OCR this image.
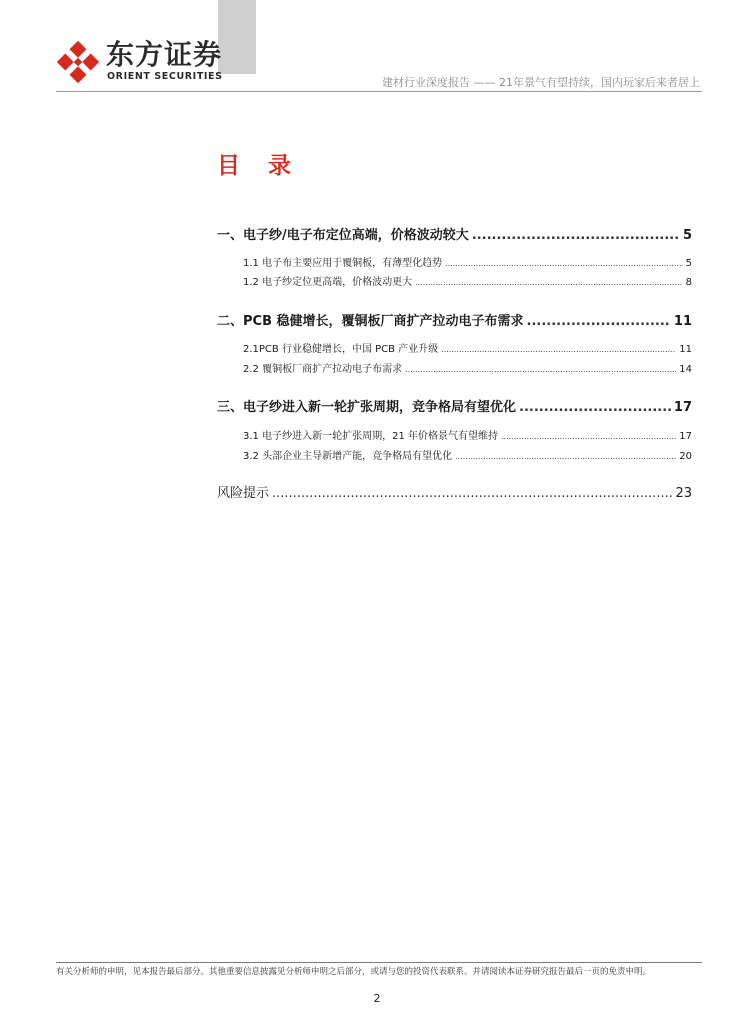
东方证券
ORIENT SECURITIES	建材行业深度报告 —— 21年景气有望持续，国内玩家后来者居上
目 录
一、电子纱/电子布定位高端，价格波动较大 .....	5
1.1 电子布主要应用于覆铜板，有薄型化趋势 .....	5
1.2 电子纱定位更高端，价格波动更大 .....	8
二、PCB 稳健增长，覆铜板厂商扩产拉动电子布需求 .....	11
2.1PCB 行业稳健增长，中国 PCB 产业升级 .....	11
2.2 覆铜板厂商扩产拉动电子布需求 .....	14
三、电子纱进入新一轮扩张周期，竞争格局有望优化 .....	17
3.1 电子纱进入新一轮扩张周期，21 年价格景气有望维持 .....	17
3.2 头部企业主导新增产能，竞争格局有望优化 .....	20
风险提示 .....	23
有关分析师的申明，见本报告最后部分。其他重要信息披露见分析师申明之后部分，或请与您的投资代表联系。并请阅读本证券研究报告最后一页的免责申明。
2
